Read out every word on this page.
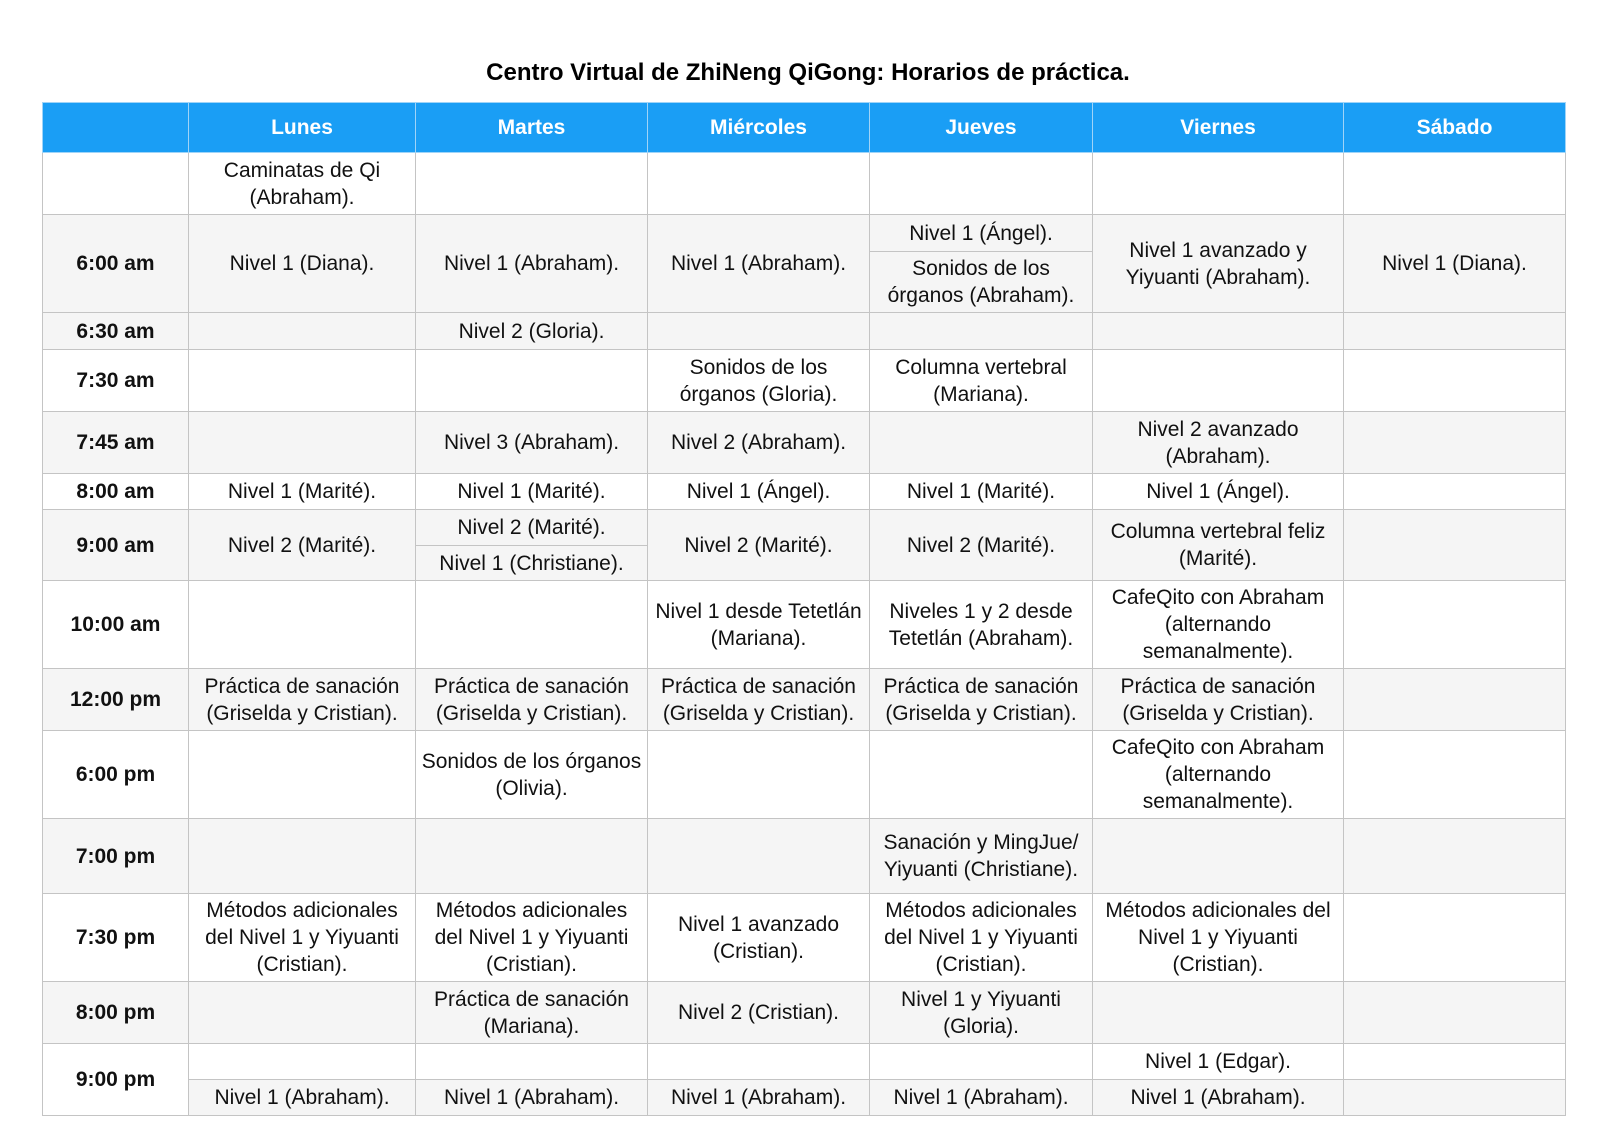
Centro Virtual de ZhiNeng QiGong: Horarios de práctica.
	Lunes	Martes	Miércoles	Jueves	Viernes	Sábado
	Caminatas de Qi (Abraham).					
6:00 am	Nivel 1 (Diana).	Nivel 1 (Abraham).	Nivel 1 (Abraham).	Nivel 1 (Ángel).	Nivel 1 avanzado y Yiyuanti (Abraham).	Nivel 1 (Diana).
				Sonidos de los órganos (Abraham).		
6:30 am		Nivel 2 (Gloria).				
7:30 am			Sonidos de los órganos (Gloria).	Columna vertebral (Mariana).		
7:45 am		Nivel 3 (Abraham).	Nivel 2 (Abraham).		Nivel 2 avanzado (Abraham).	
8:00 am	Nivel 1 (Marité).	Nivel 1 (Marité).	Nivel 1 (Ángel).	Nivel 1 (Marité).	Nivel 1 (Ángel).	
9:00 am	Nivel 2 (Marité).	Nivel 2 (Marité).	Nivel 2 (Marité).	Nivel 2 (Marité).	Columna vertebral feliz (Marité).	
		Nivel 1 (Christiane).				
10:00 am			Nivel 1 desde Tetetlán (Mariana).	Niveles 1 y 2 desde Tetetlán (Abraham).	CafeQito con Abraham (alternando semanalmente).	
12:00 pm	Práctica de sanación (Griselda y Cristian).	Práctica de sanación (Griselda y Cristian).	Práctica de sanación (Griselda y Cristian).	Práctica de sanación (Griselda y Cristian).	Práctica de sanación (Griselda y Cristian).	
6:00 pm		Sonidos de los órganos (Olivia).			CafeQito con Abraham (alternando semanalmente).	
7:00 pm				Sanación y MingJue/ Yiyuanti (Christiane).		
7:30 pm	Métodos adicionales del Nivel 1 y Yiyuanti (Cristian).	Métodos adicionales del Nivel 1 y Yiyuanti (Cristian).	Nivel 1 avanzado (Cristian).	Métodos adicionales del Nivel 1 y Yiyuanti (Cristian).	Métodos adicionales del Nivel 1 y Yiyuanti (Cristian).	
8:00 pm		Práctica de sanación (Mariana).	Nivel 2 (Cristian).	Nivel 1 y Yiyuanti (Gloria).		
9:00 pm					Nivel 1 (Edgar).	
	Nivel 1 (Abraham).	Nivel 1 (Abraham).	Nivel 1 (Abraham).	Nivel 1 (Abraham).	Nivel 1 (Abraham).	
